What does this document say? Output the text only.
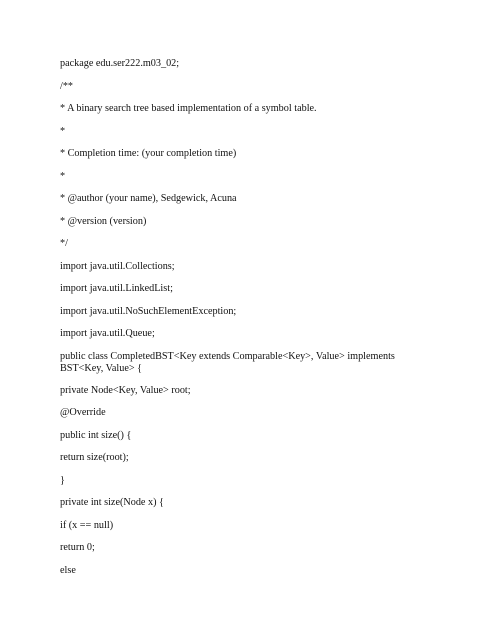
package edu.ser222.m03_02;

/**

* A binary search tree based implementation of a symbol table.

*

* Completion time: (your completion time)

*

* @author (your name), Sedgewick, Acuna

* @version (version)

*/

import java.util.Collections;

import java.util.LinkedList;

import java.util.NoSuchElementException;

import java.util.Queue;

public class CompletedBST<Key extends Comparable<Key>, Value> implements BST<Key, Value> {

private Node<Key, Value> root;

@Override

public int size() {

return size(root);

}

private int size(Node x) {

if (x == null)

return 0;

else
